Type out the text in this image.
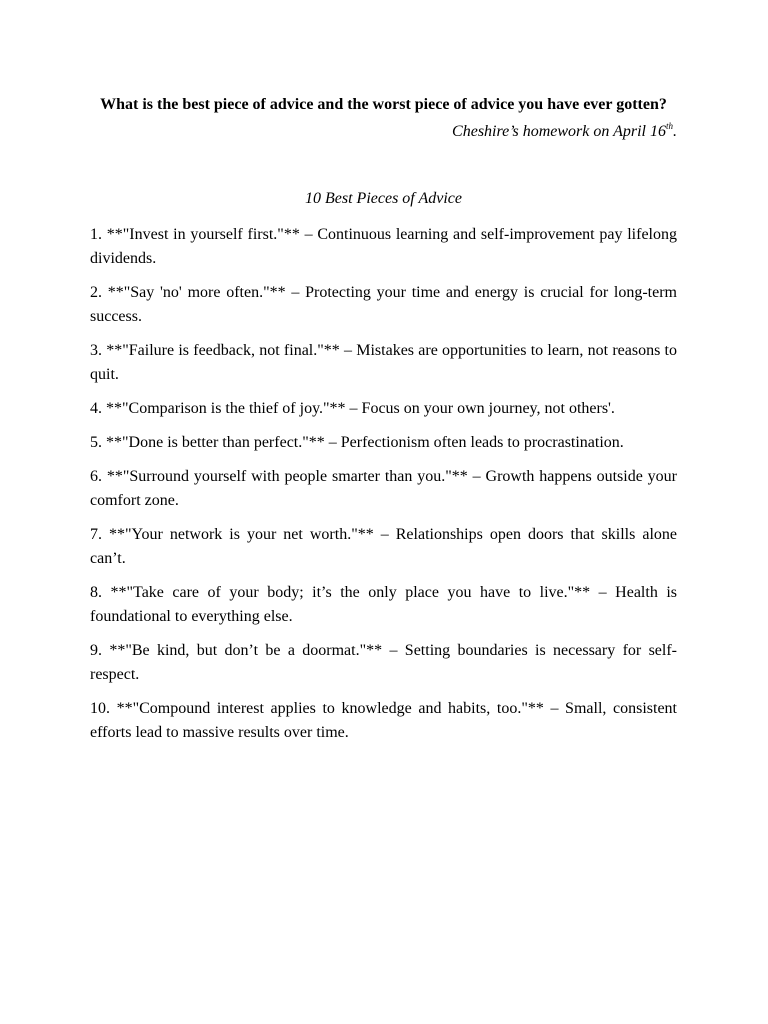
What is the best piece of advice and the worst piece of advice you have ever gotten?

Cheshire’s homework on April 16th.

10 Best Pieces of Advice

1. **"Invest in yourself first."** – Continuous learning and self-improvement pay lifelong dividends.
2. **"Say 'no' more often."** – Protecting your time and energy is crucial for long-term success.
3. **"Failure is feedback, not final."** – Mistakes are opportunities to learn, not reasons to quit.
4. **"Comparison is the thief of joy."** – Focus on your own journey, not others'.
5. **"Done is better than perfect."** – Perfectionism often leads to procrastination.
6. **"Surround yourself with people smarter than you."** – Growth happens outside your comfort zone.
7. **"Your network is your net worth."** – Relationships open doors that skills alone can’t.
8. **"Take care of your body; it’s the only place you have to live."** – Health is foundational to everything else.
9. **"Be kind, but don’t be a doormat."** – Setting boundaries is necessary for self-respect.
10. **"Compound interest applies to knowledge and habits, too."** – Small, consistent efforts lead to massive results over time.
